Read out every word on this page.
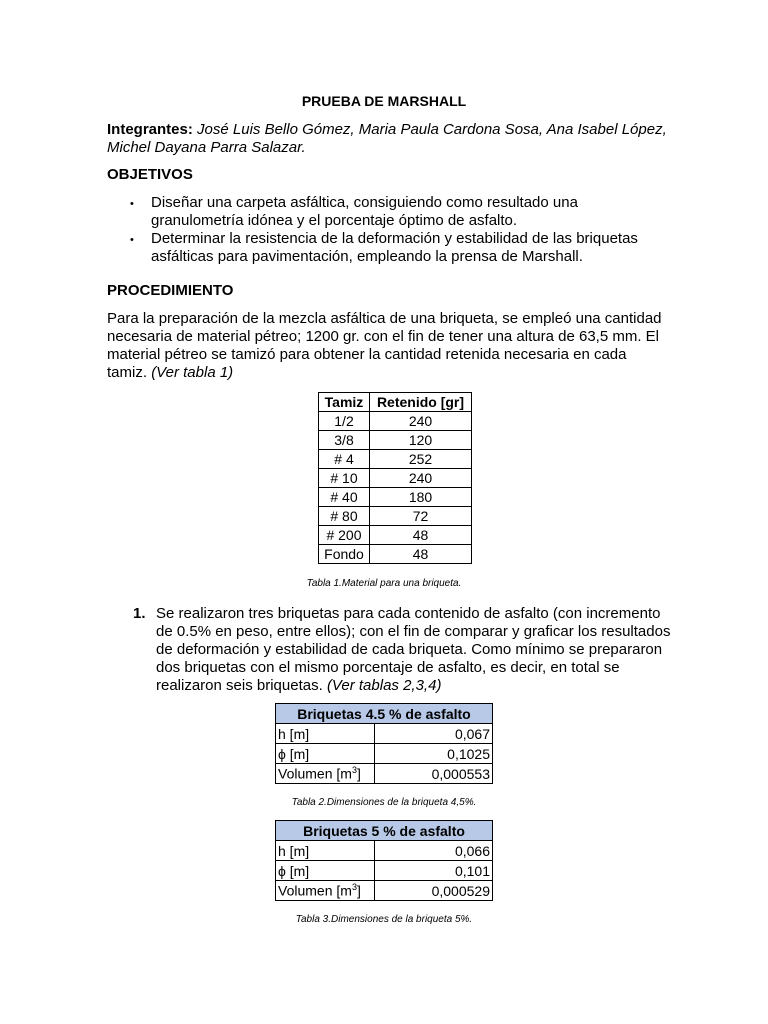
PRUEBA DE MARSHALL
Integrantes: José Luis Bello Gómez, Maria Paula Cardona Sosa, Ana Isabel López, Michel Dayana Parra Salazar.
OBJETIVOS
• Diseñar una carpeta asfáltica, consiguiendo como resultado una granulometría idónea y el porcentaje óptimo de asfalto.
• Determinar la resistencia de la deformación y estabilidad de las briquetas asfálticas para pavimentación, empleando la prensa de Marshall.
PROCEDIMIENTO
Para la preparación de la mezcla asfáltica de una briqueta, se empleó una cantidad necesaria de material pétreo; 1200 gr. con el fin de tener una altura de 63,5 mm. El material pétreo se tamizó para obtener la cantidad retenida necesaria en cada tamiz. (Ver tabla 1)
Tamiz	Retenido [gr]
1/2	240
3/8	120
# 4	252
# 10	240
# 40	180
# 80	72
# 200	48
Fondo	48
Tabla 1.Material para una briqueta.
1. Se realizaron tres briquetas para cada contenido de asfalto (con incremento de 0.5% en peso, entre ellos); con el fin de comparar y graficar los resultados de deformación y estabilidad de cada briqueta. Como mínimo se prepararon dos briquetas con el mismo porcentaje de asfalto, es decir, en total se realizaron seis briquetas. (Ver tablas 2,3,4)
Briquetas 4.5 % de asfalto	
h [m]	0,067
ϕ [m]	0,1025
Volumen $[m^3]$	0,000553
Tabla 2.Dimensiones de la briqueta 4,5%.
Briquetas 5 % de asfalto	
h [m]	0,066
ϕ [m]	0,101
Volumen $[m^3]$	0,000529
Tabla 3.Dimensiones de la briqueta 5%.
